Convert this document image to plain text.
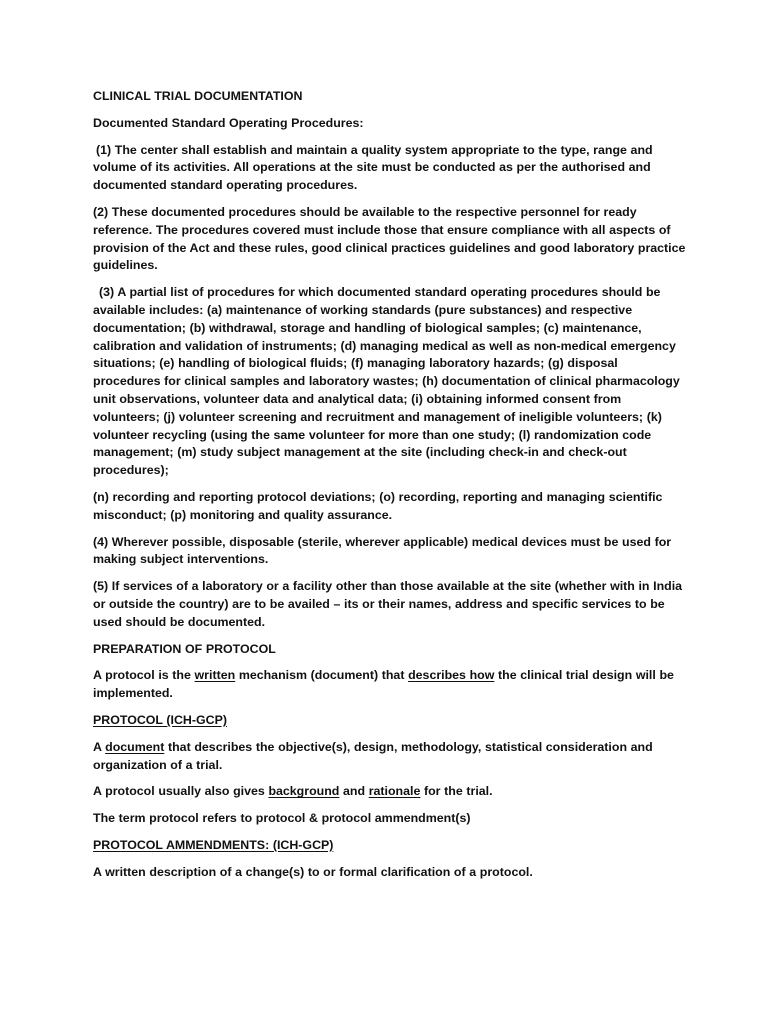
CLINICAL TRIAL DOCUMENTATION

Documented Standard Operating Procedures:

(1) The center shall establish and maintain a quality system appropriate to the type, range and volume of its activities. All operations at the site must be conducted as per the authorised and documented standard operating procedures.

(2) These documented procedures should be available to the respective personnel for ready reference. The procedures covered must include those that ensure compliance with all aspects of provision of the Act and these rules, good clinical practices guidelines and good laboratory practice guidelines.

(3) A partial list of procedures for which documented standard operating procedures should be available includes: (a) maintenance of working standards (pure substances) and respective documentation; (b) withdrawal, storage and handling of biological samples; (c) maintenance, calibration and validation of instruments; (d) managing medical as well as non-medical emergency situations; (e) handling of biological fluids; (f) managing laboratory hazards; (g) disposal procedures for clinical samples and laboratory wastes; (h) documentation of clinical pharmacology unit observations, volunteer data and analytical data; (i) obtaining informed consent from volunteers; (j) volunteer screening and recruitment and management of ineligible volunteers; (k) volunteer recycling (using the same volunteer for more than one study; (l) randomization code management; (m) study subject management at the site (including check-in and check-out procedures);

(n) recording and reporting protocol deviations; (o) recording, reporting and managing scientific misconduct; (p) monitoring and quality assurance.

(4) Wherever possible, disposable (sterile, wherever applicable) medical devices must be used for making subject interventions.

(5) If services of a laboratory or a facility other than those available at the site (whether with in India or outside the country) are to be availed – its or their names, address and specific services to be used should be documented.

PREPARATION OF PROTOCOL

A protocol is the written mechanism (document) that describes how the clinical trial design will be implemented.

PROTOCOL (ICH-GCP)

A document that describes the objective(s), design, methodology, statistical consideration and organization of a trial.

A protocol usually also gives background and rationale for the trial.

The term protocol refers to protocol & protocol ammendment(s)

PROTOCOL AMMENDMENTS: (ICH-GCP)

A written description of a change(s) to or formal clarification of a protocol.
